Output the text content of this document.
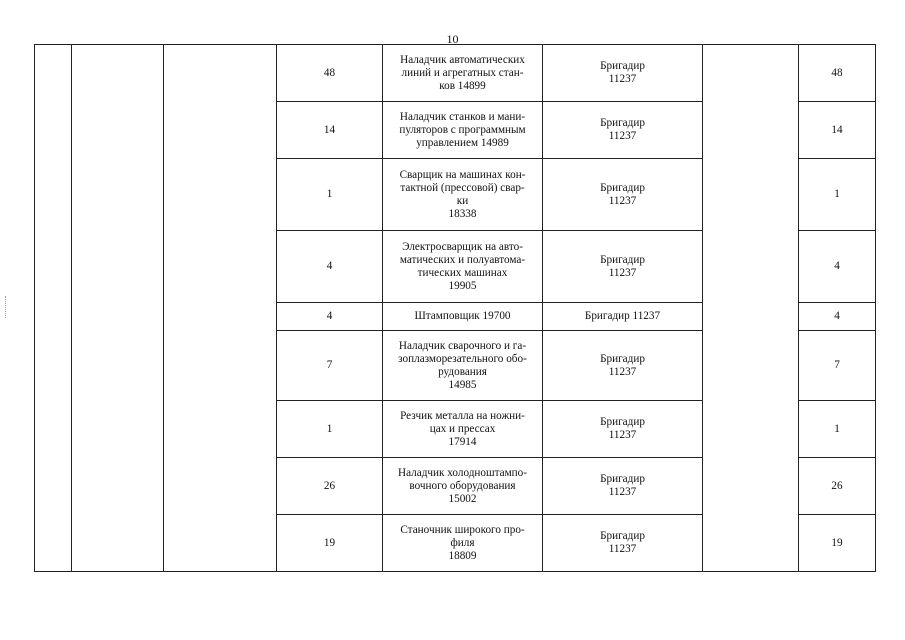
10
			48	Наладчик автоматических
линий и агрегатных стан-
ков 14899	Бригадир
11237		48
			14	Наладчик станков и мани-
пуляторов с программным
управлением 14989	Бригадир
11237		14
			1	Сварщик на машинах кон-
тактной (прессовой) свар-
ки
18338	Бригадир
11237		1
			4	Электросварщик на авто-
матических и полуавтома-
тических машинах
19905	Бригадир
11237		4
			4	Штамповщик 19700	Бригадир 11237		4
			7	Наладчик сварочного и га-
зоплазморезательного обо-
рудования
14985	Бригадир
11237		7
			1	Резчик металла на ножни-
цах и прессах
17914	Бригадир
11237		1
			26	Наладчик холодноштампо-
вочного оборудования
15002	Бригадир
11237		26
			19	Станочник широкого про-
филя
18809	Бригадир
11237		19
